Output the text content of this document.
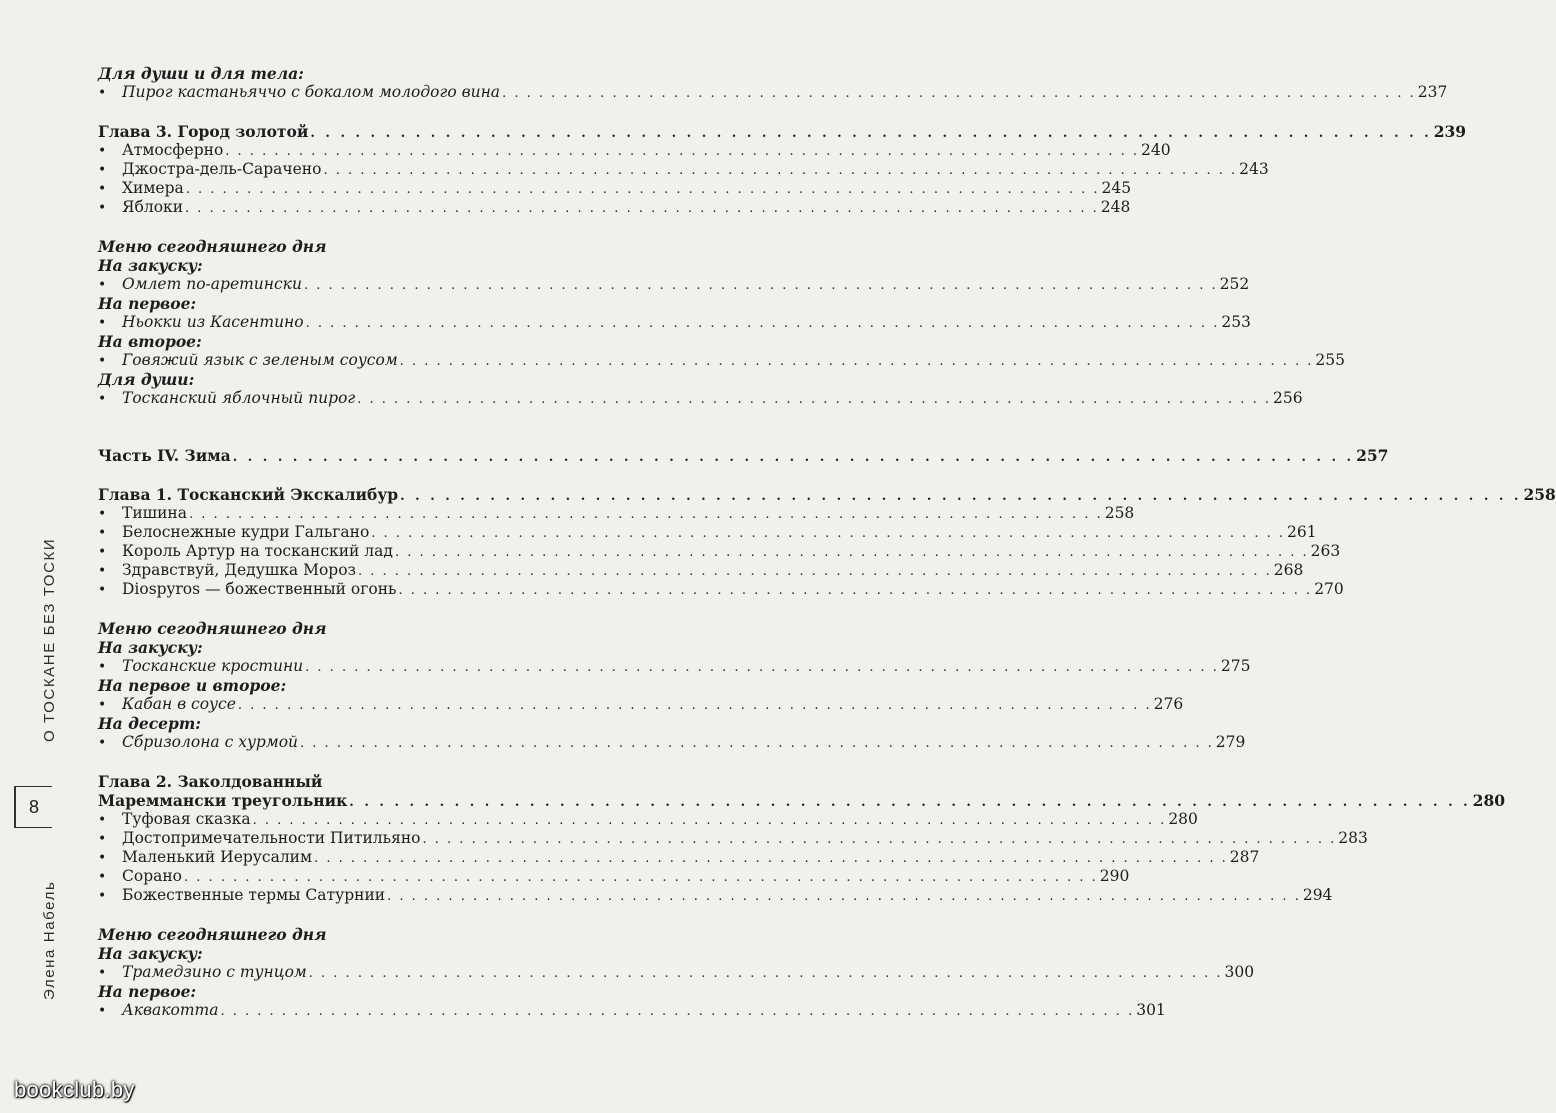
О ТОСКАНЕ БЕЗ ТОСКИ
8
Элена Набель
Для души и для тела:
•	Пирог кастаньяччо с бокалом молодого вина . . .	237
Глава 3. Город золотой . . .	239
•	Атмосферно . . .	240
•	Джостра-дель-Сарачено . . .	243
•	Химера . . .	245
•	Яблоки . . .	248
Меню сегодняшнего дня
На закуску:
•	Омлет по-аретински . . .	252
На первое:
•	Ньокки из Касентино . . .	253
На второе:
•	Говяжий язык с зеленым соусом . . .	255
Для души:
•	Тосканский яблочный пирог . . .	256
Часть IV. Зима . . .	257
Глава 1. Тосканский Экскалибур . . .	258
•	Тишина . . .	258
•	Белоснежные кудри Гальгано . . .	261
•	Король Артур на тосканский лад . . .	263
•	Здравствуй, Дедушка Мороз . . .	268
•	Diospyros — божественный огонь . . .	270
Меню сегодняшнего дня
На закуску:
•	Тосканские кростини . . .	275
На первое и второе:
•	Кабан в соусе . . .	276
На десерт:
•	Сбризолона с хурмой . . .	279
Глава 2. Заколдованный
Мареммански треугольник . . .	280
•	Туфовая сказка . . .	280
•	Достопримечательности Питильяно . . .	283
•	Маленький Иерусалим . . .	287
•	Сорано . . .	290
•	Божественные термы Сатурнии . . .	294
Меню сегодняшнего дня
На закуску:
•	Трамедзино с тунцом . . .	300
На первое:
•	Аквакотта . . .	301
bookclub.by
